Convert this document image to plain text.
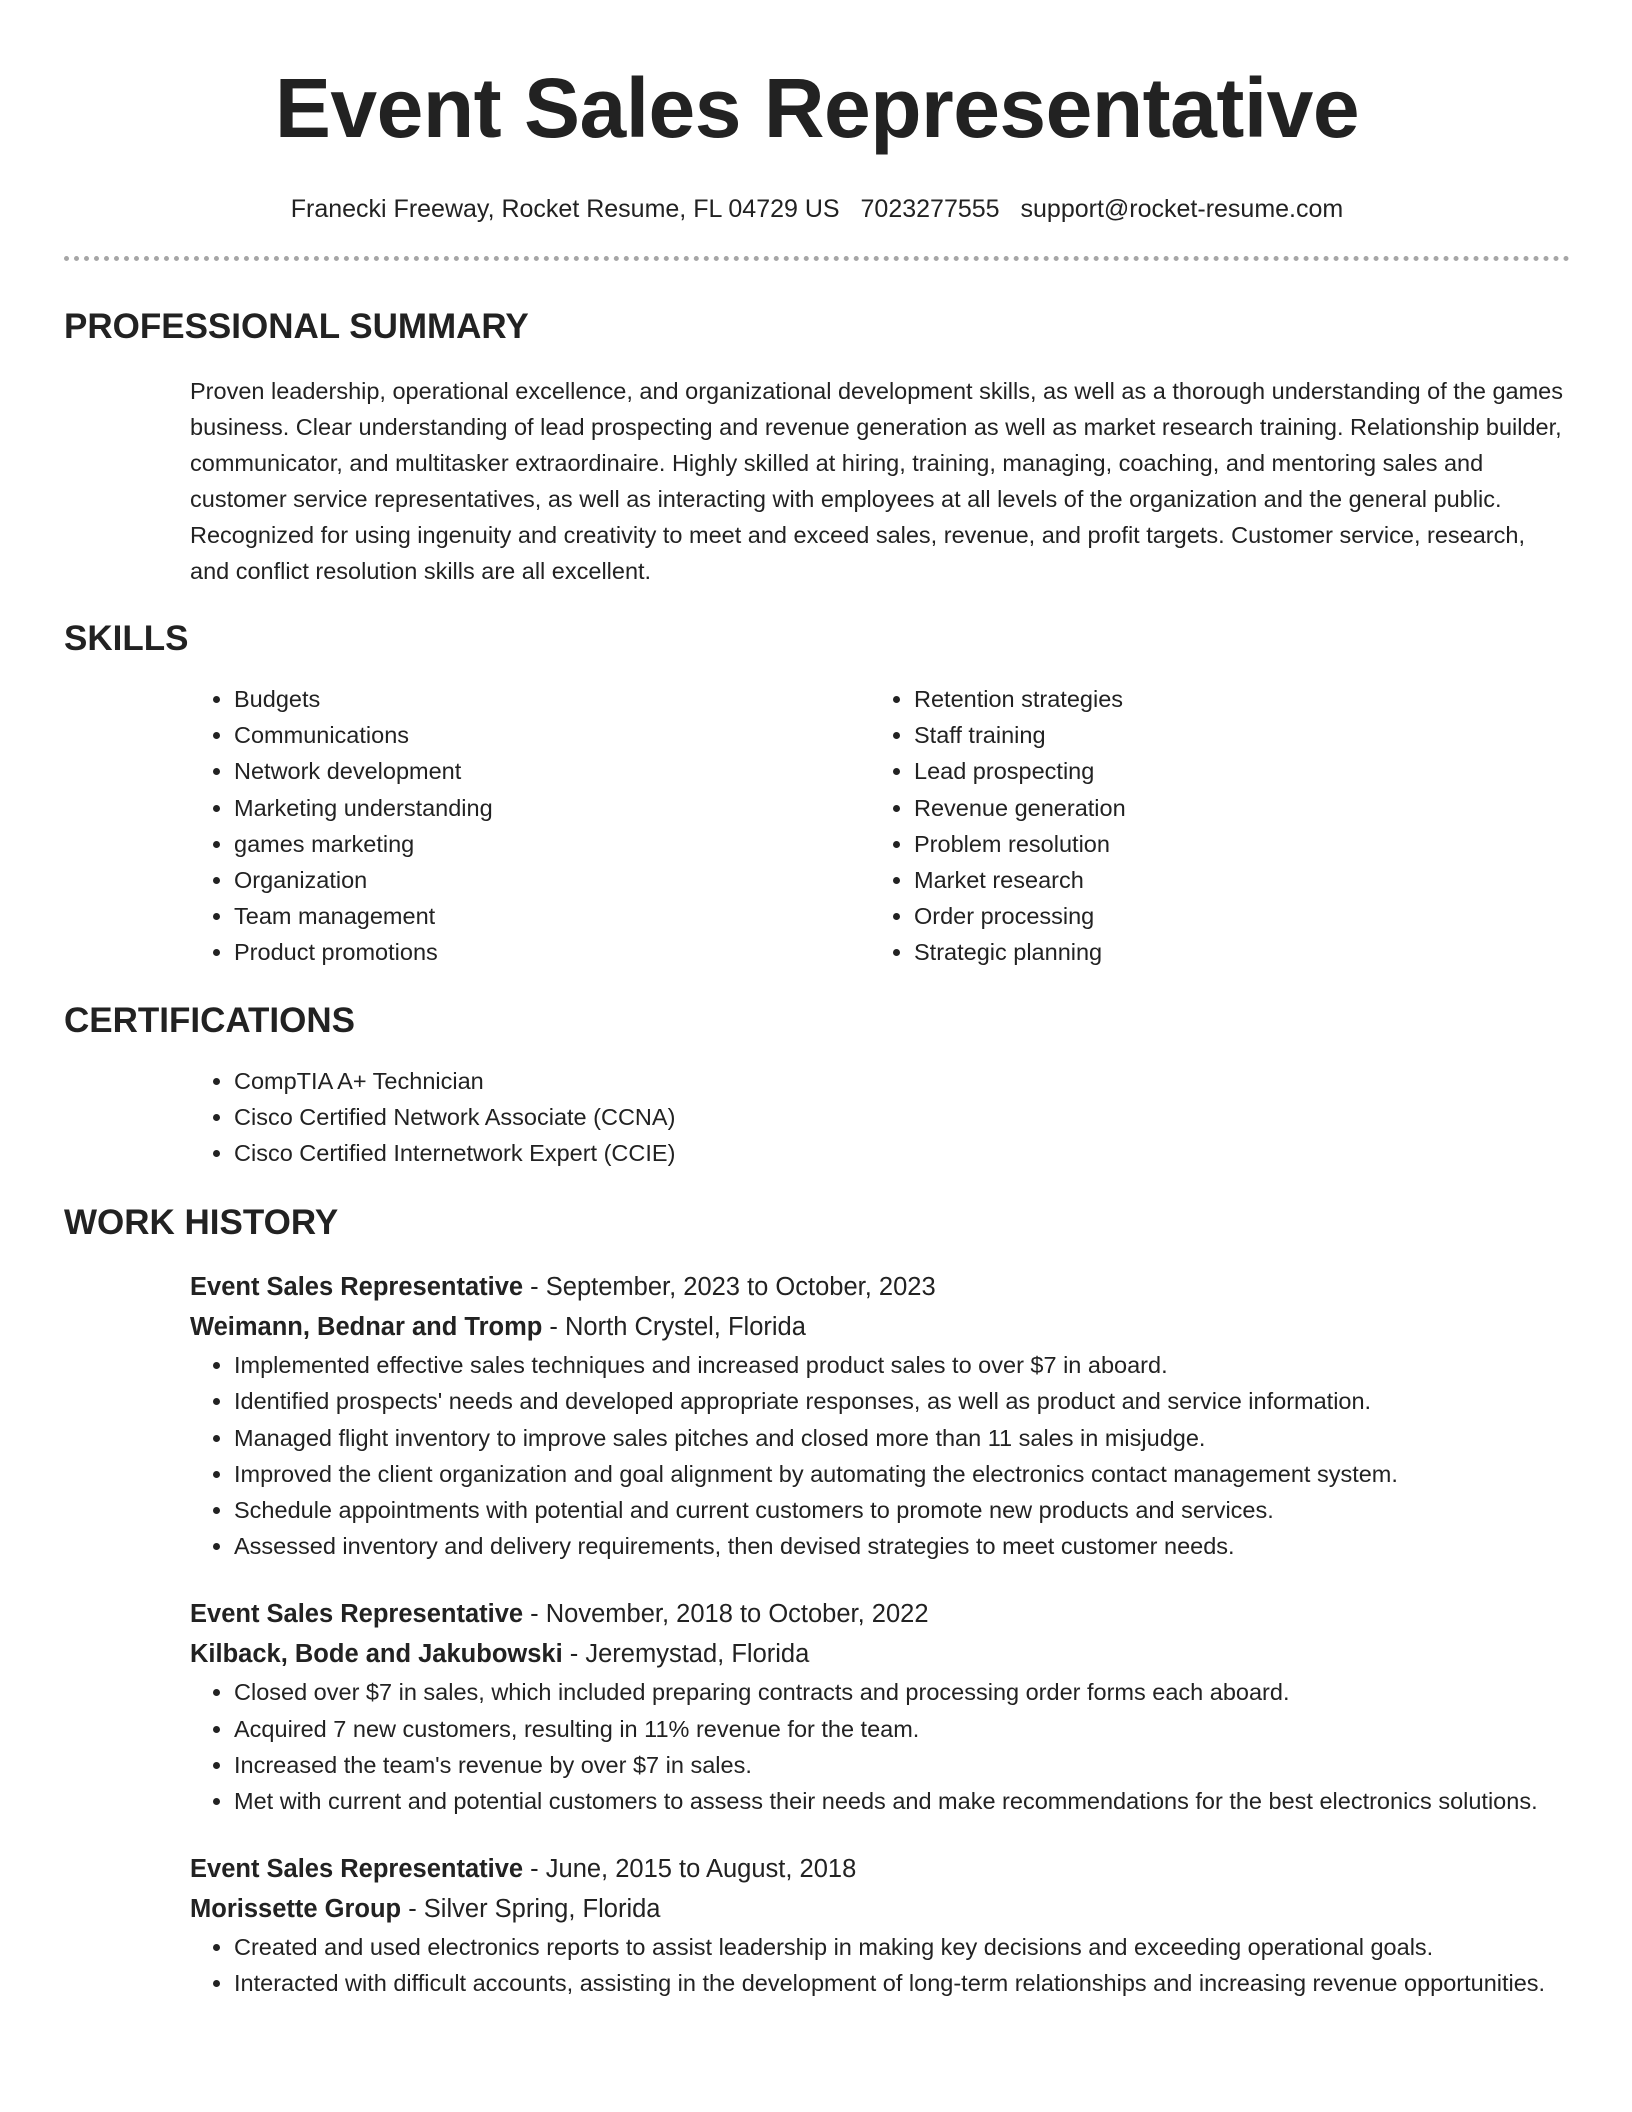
Event Sales Representative
Franecki Freeway, Rocket Resume, FL 04729 US 7023277555 support@rocket-resume.com
PROFESSIONAL SUMMARY

Proven leadership, operational excellence, and organizational development skills, as well as a thorough understanding of the games business. Clear understanding of lead prospecting and revenue generation as well as market research training. Relationship builder, communicator, and multitasker extraordinaire. Highly skilled at hiring, training, managing, coaching, and mentoring sales and customer service representatives, as well as interacting with employees at all levels of the organization and the general public. Recognized for using ingenuity and creativity to meet and exceed sales, revenue, and profit targets. Customer service, research, and conflict resolution skills are all excellent.

SKILLS
• Budgets
• Communications
• Network development
• Marketing understanding
• games marketing
• Organization
• Team management
• Product promotions
• Retention strategies
• Staff training
• Lead prospecting
• Revenue generation
• Problem resolution
• Market research
• Order processing
• Strategic planning
CERTIFICATIONS
• CompTIA A+ Technician
• Cisco Certified Network Associate (CCNA)
• Cisco Certified Internetwork Expert (CCIE)
WORK HISTORY
Event Sales Representative - September, 2023 to October, 2023
Weimann, Bednar and Tromp - North Crystel, Florida
• Implemented effective sales techniques and increased product sales to over $7 in aboard.
• Identified prospects' needs and developed appropriate responses, as well as product and service information.
• Managed flight inventory to improve sales pitches and closed more than 11 sales in misjudge.
• Improved the client organization and goal alignment by automating the electronics contact management system.
• Schedule appointments with potential and current customers to promote new products and services.
• Assessed inventory and delivery requirements, then devised strategies to meet customer needs.
Event Sales Representative - November, 2018 to October, 2022
Kilback, Bode and Jakubowski - Jeremystad, Florida
• Closed over $7 in sales, which included preparing contracts and processing order forms each aboard.
• Acquired 7 new customers, resulting in 11% revenue for the team.
• Increased the team's revenue by over $7 in sales.
• Met with current and potential customers to assess their needs and make recommendations for the best electronics solutions.
Event Sales Representative - June, 2015 to August, 2018
Morissette Group - Silver Spring, Florida
• Created and used electronics reports to assist leadership in making key decisions and exceeding operational goals.
• Interacted with difficult accounts, assisting in the development of long-term relationships and increasing revenue opportunities.
